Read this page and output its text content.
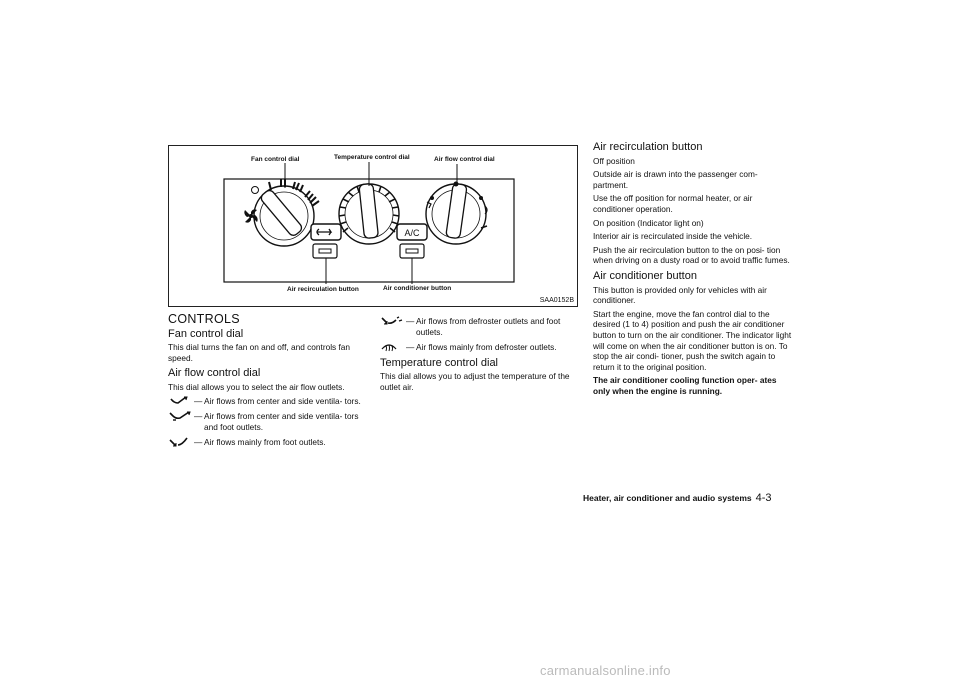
A/C
Fan control dial	Temperature control dial	Air flow control dial
Air recirculation button	Air conditioner button
SAA0152B
CONTROLS
Fan control dial

This dial turns the fan on and off, and controls fan speed.

Air flow control dial

This dial allows you to select the air flow outlets.

— Air flows from center and side ventila- tors.
— Air flows from center and side ventila- tors and foot outlets.
— Air flows mainly from foot outlets.
— Air flows from defroster outlets and foot outlets.
— Air flows mainly from defroster outlets.
Temperature control dial

This dial allows you to adjust the temperature of the outlet air.

Air recirculation button

Off position

Outside air is drawn into the passenger com- partment.

Use the off position for normal heater, or air conditioner operation.

On position (Indicator light on)

Interior air is recirculated inside the vehicle.

Push the air recirculation button to the on posi- tion when driving on a dusty road or to avoid traffic fumes.

Air conditioner button

This button is provided only for vehicles with air conditioner.

Start the engine, move the fan control dial to the desired (1 to 4) position and push the air conditioner button to turn on the air conditioner. The indicator light will come on when the air conditioner button is on. To stop the air condi- tioner, push the switch again to return it to the original position.

The air conditioner cooling function oper- ates only when the engine is running.

Heater, air conditioner and audio systems 4-3
carmanualsonline.info
